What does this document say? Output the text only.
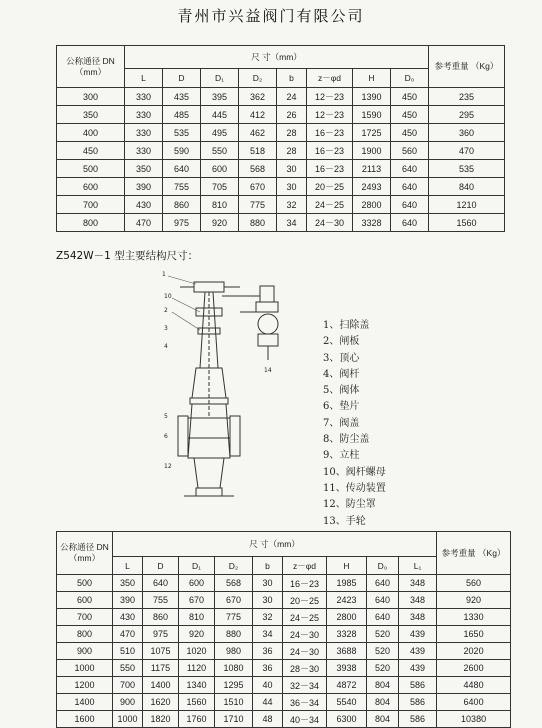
青州市兴益阀门有限公司
公称通径 DN（mm）	尺 寸（mm）								参考重量 （Kg）
	L	D	D₁	D₂	b	z－φd	H	D₀	
300	330	435	395	362	24	12－23	1390	450	235
350	330	485	445	412	26	12－23	1590	450	295
400	330	535	495	462	28	16－23	1725	450	360
450	330	590	550	518	28	16－23	1900	560	470
500	350	640	600	568	30	16－23	2113	640	535
600	390	755	705	670	30	20－25	2493	640	840
700	430	860	810	775	32	24－25	2800	640	1210
800	470	975	920	880	34	24－30	3328	640	1560
Z542W－1 型主要结构尺寸：
1
10
2
3
4
14
5
6
12
1、扫除盖
2、闸板
3、顶心
4、阀杆
5、阀体
6、垫片
7、阀盖
8、防尘盖
9、立柱
10、阀杆螺母
11、传动装置
12、防尘罩
13、手轮
公称通径 DN（mm）	尺 寸（mm）									参考重量 （Kg）
	L	D	D₁	D₂	b	z－φd	H	D₀	L₁	
500	350	640	600	568	30	16－23	1985	640	348	560
600	390	755	670	670	30	20－25	2423	640	348	920
700	430	860	810	775	32	24－25	2800	640	348	1330
800	470	975	920	880	34	24－30	3328	520	439	1650
900	510	1075	1020	980	36	24－30	3688	520	439	2020
1000	550	1175	1120	1080	36	28－30	3938	520	439	2600
1200	700	1400	1340	1295	40	32－34	4872	804	586	4480
1400	900	1620	1560	1510	44	36－34	5540	804	586	6400
1600	1000	1820	1760	1710	48	40－34	6300	804	586	10380
